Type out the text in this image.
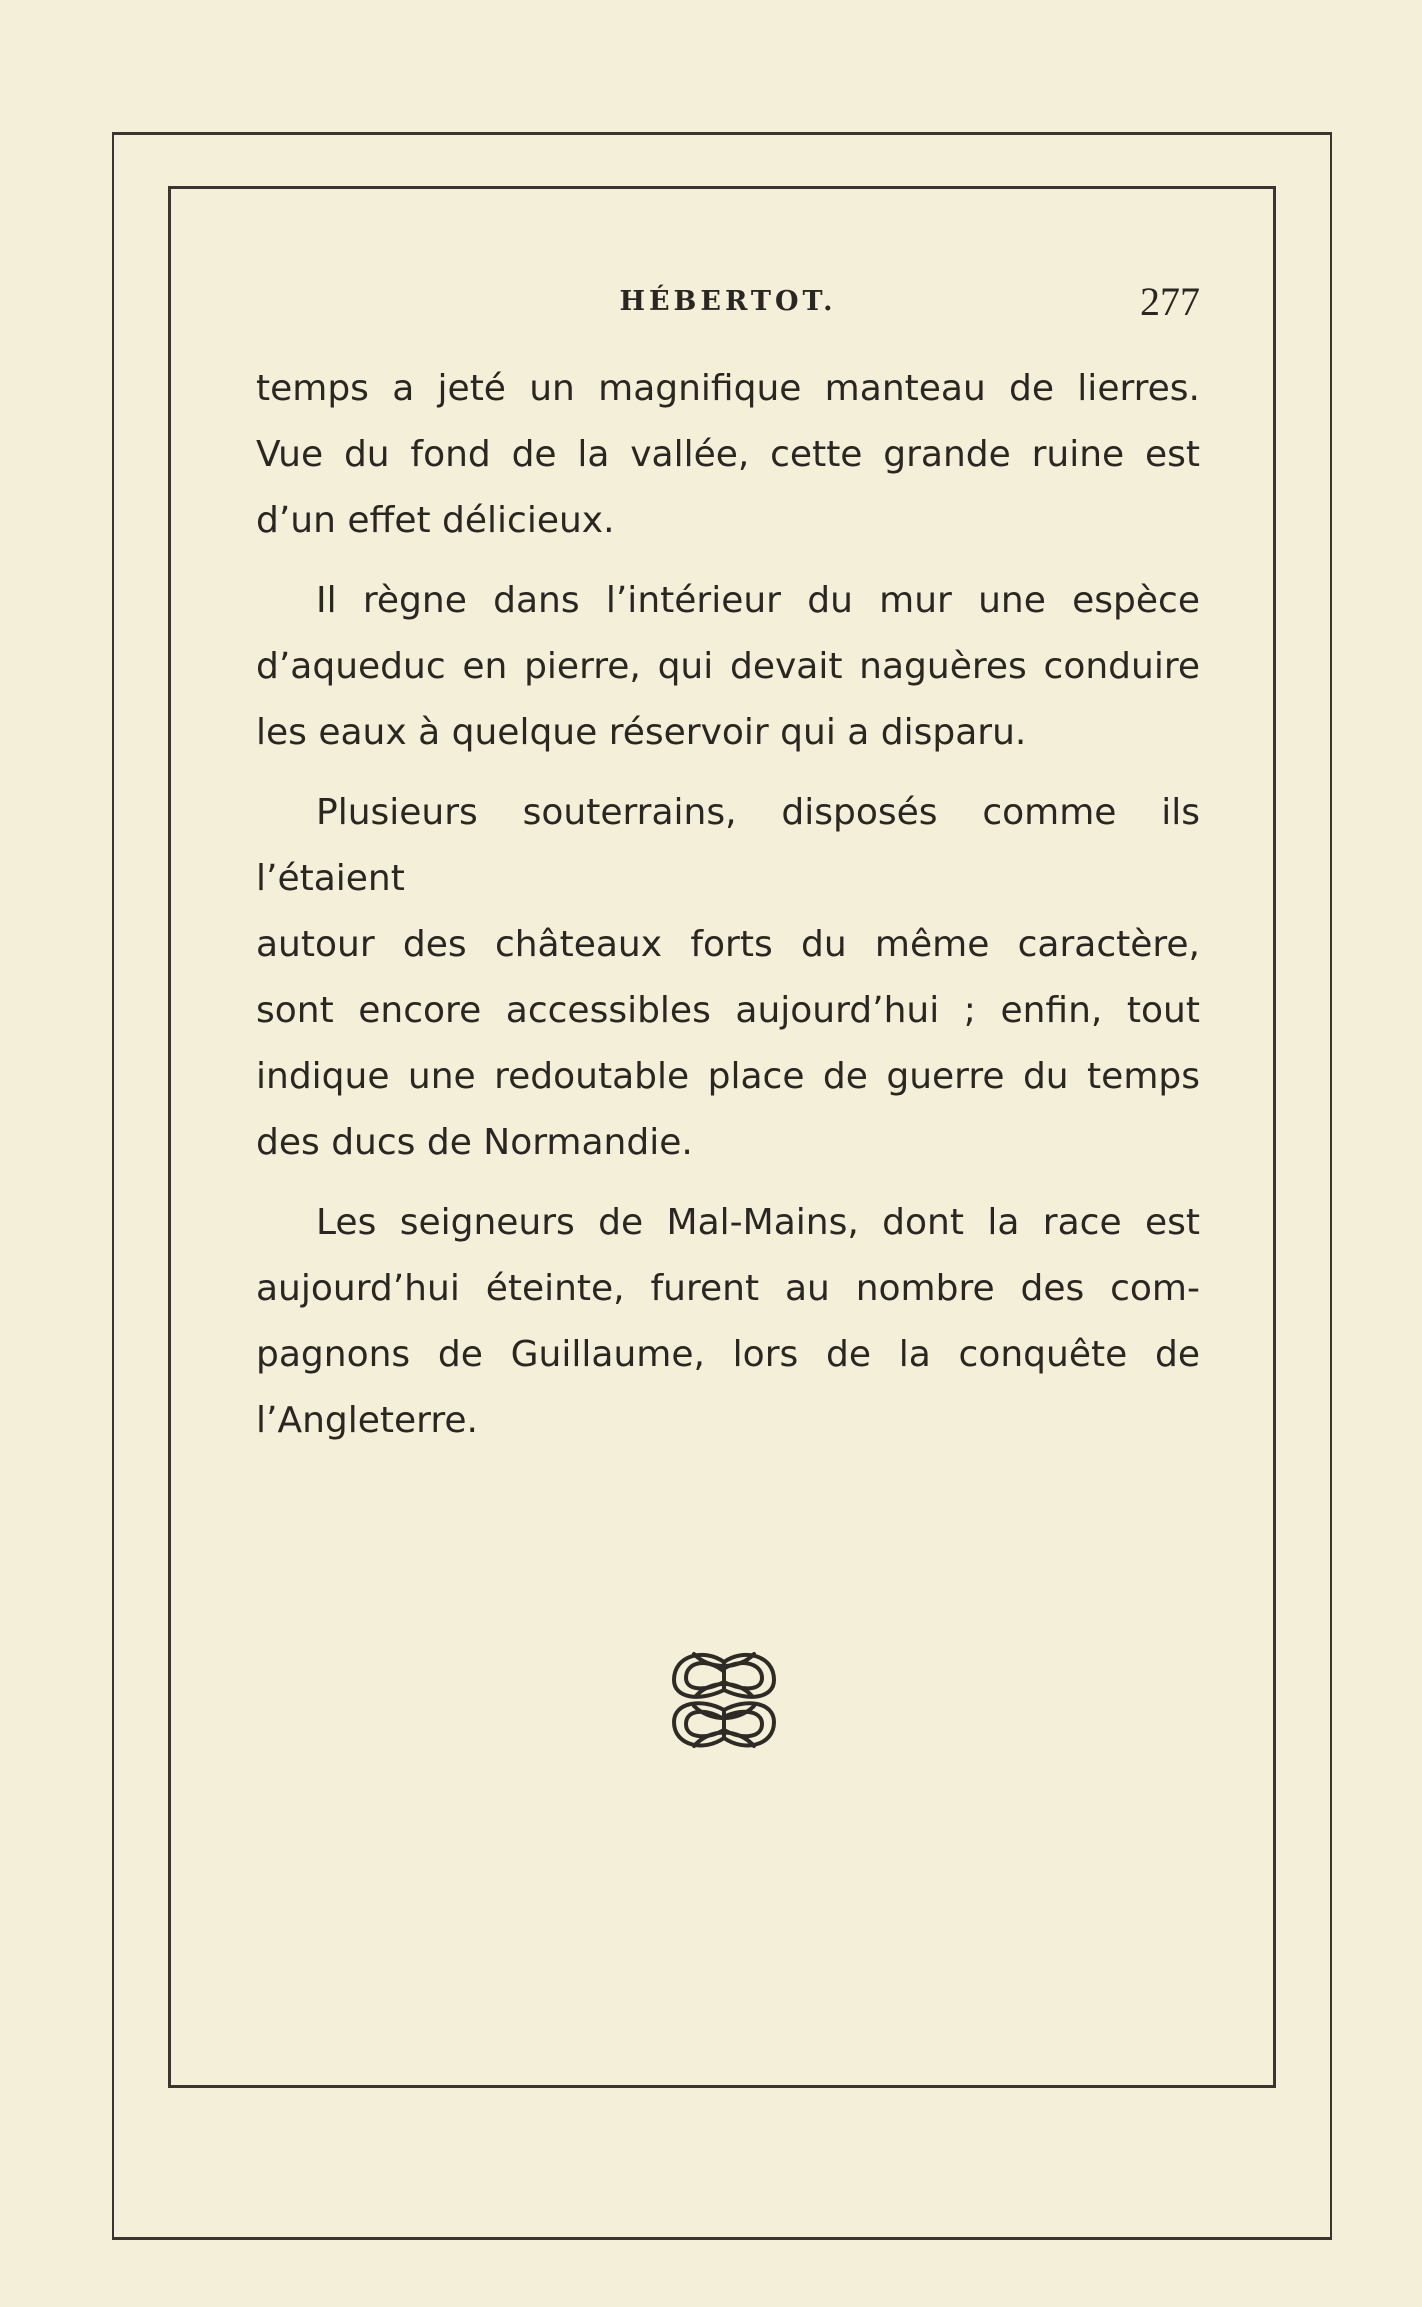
HÉBERTOT.	277
temps a jeté un magnifique manteau de lierres.
Vue du fond de la vallée, cette grande ruine est
d’un effet délicieux.
Il règne dans l’intérieur du mur une espèce
d’aqueduc en pierre, qui devait naguères conduire
les eaux à quelque réservoir qui a disparu.
Plusieurs souterrains, disposés comme ils l’étaient
autour des châteaux forts du même caractère,
sont encore accessibles aujourd’hui ; enfin, tout
indique une redoutable place de guerre du temps
des ducs de Normandie.
Les seigneurs de Mal-Mains, dont la race est
aujourd’hui éteinte, furent au nombre des com-
pagnons de Guillaume, lors de la conquête de
l’Angleterre.
